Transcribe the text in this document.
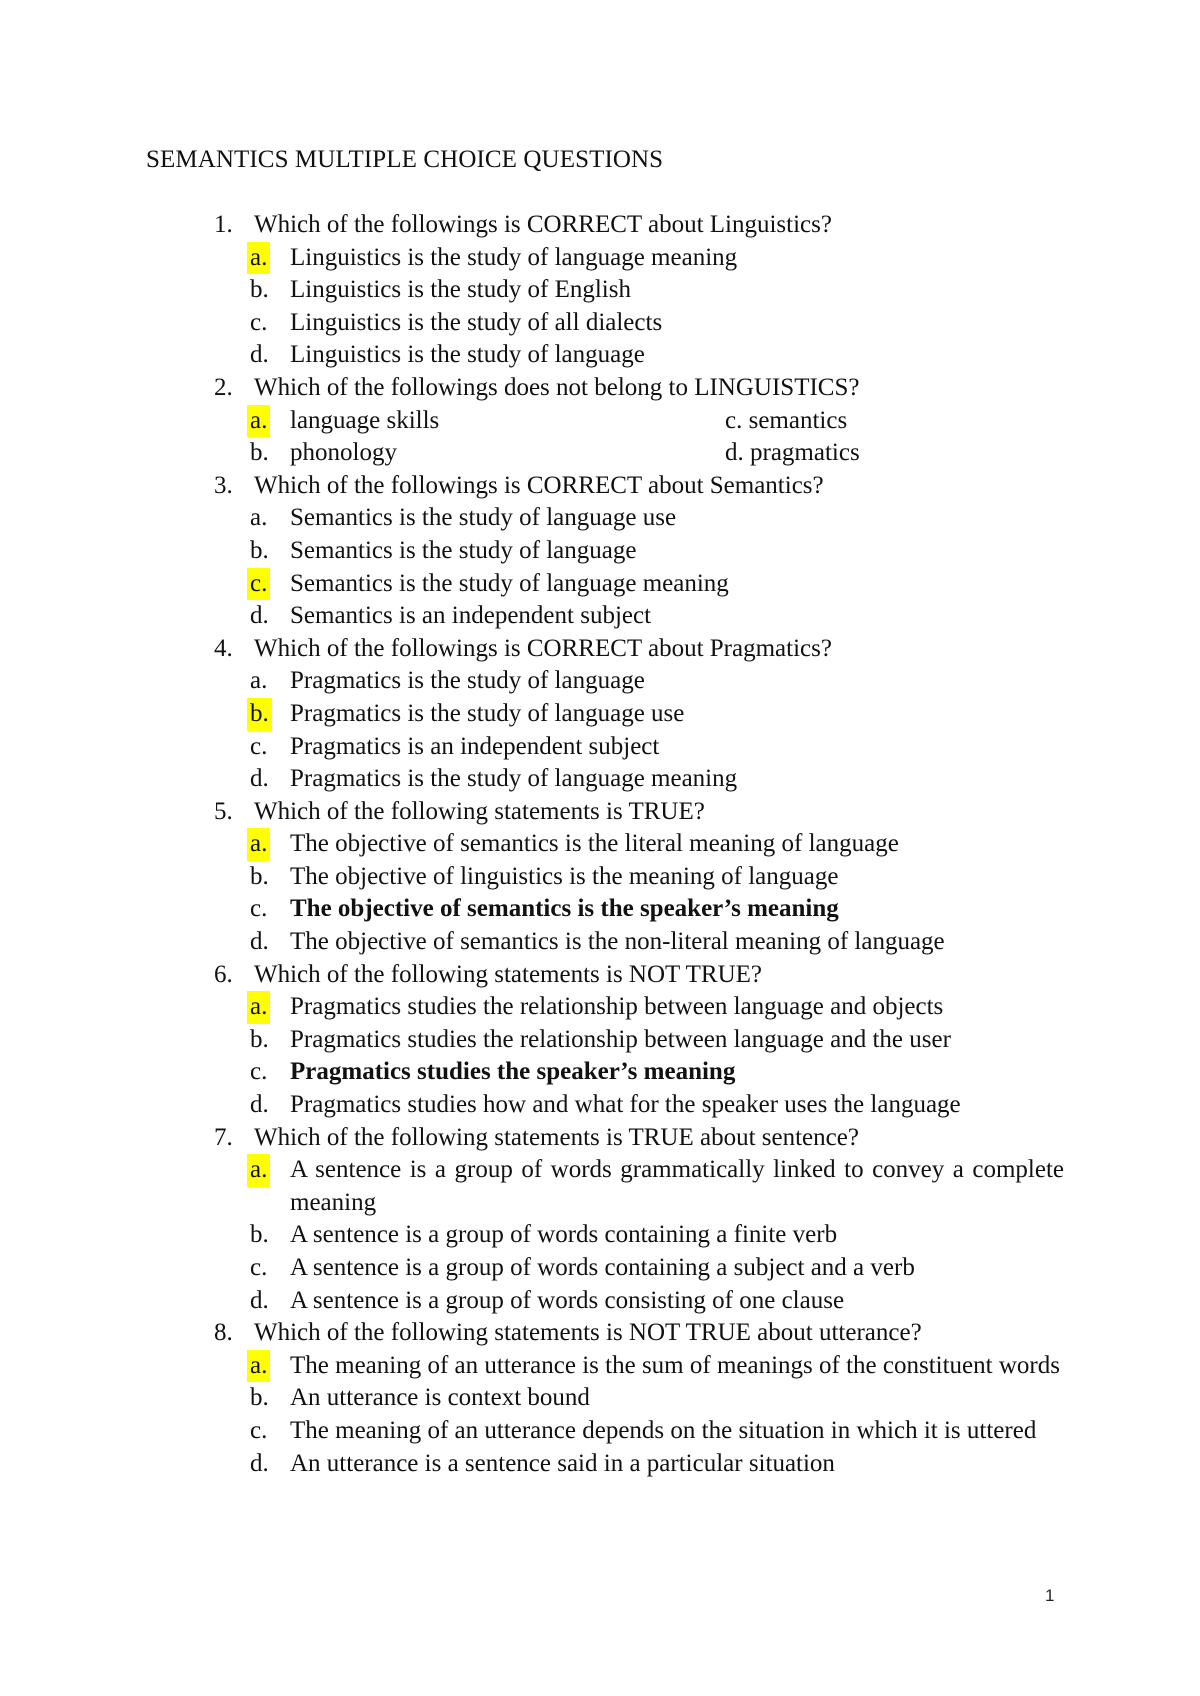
SEMANTICS MULTIPLE CHOICE QUESTIONS
1. Which of the followings is CORRECT about Linguistics?
a. Linguistics is the study of language meaning
b. Linguistics is the study of English
c. Linguistics is the study of all dialects
d. Linguistics is the study of language
2. Which of the followings does not belong to LINGUISTICS?
a. language skills	c. semantics
b. phonology	d. pragmatics
3. Which of the followings is CORRECT about Semantics?
a. Semantics is the study of language use
b. Semantics is the study of language
c. Semantics is the study of language meaning
d. Semantics is an independent subject
4. Which of the followings is CORRECT about Pragmatics?
a. Pragmatics is the study of language
b. Pragmatics is the study of language use
c. Pragmatics is an independent subject
d. Pragmatics is the study of language meaning
5. Which of the following statements is TRUE?
a. The objective of semantics is the literal meaning of language
b. The objective of linguistics is the meaning of language
c. The objective of semantics is the speaker’s meaning
d. The objective of semantics is the non-literal meaning of language
6. Which of the following statements is NOT TRUE?
a. Pragmatics studies the relationship between language and objects
b. Pragmatics studies the relationship between language and the user
c. Pragmatics studies the speaker’s meaning
d. Pragmatics studies how and what for the speaker uses the language
7. Which of the following statements is TRUE about sentence?
a. A sentence is a group of words grammatically linked to convey a complete meaning
b. A sentence is a group of words containing a finite verb
c. A sentence is a group of words containing a subject and a verb
d. A sentence is a group of words consisting of one clause
8. Which of the following statements is NOT TRUE about utterance?
a. The meaning of an utterance is the sum of meanings of the constituent words
b. An utterance is context bound
c. The meaning of an utterance depends on the situation in which it is uttered
d. An utterance is a sentence said in a particular situation
1
